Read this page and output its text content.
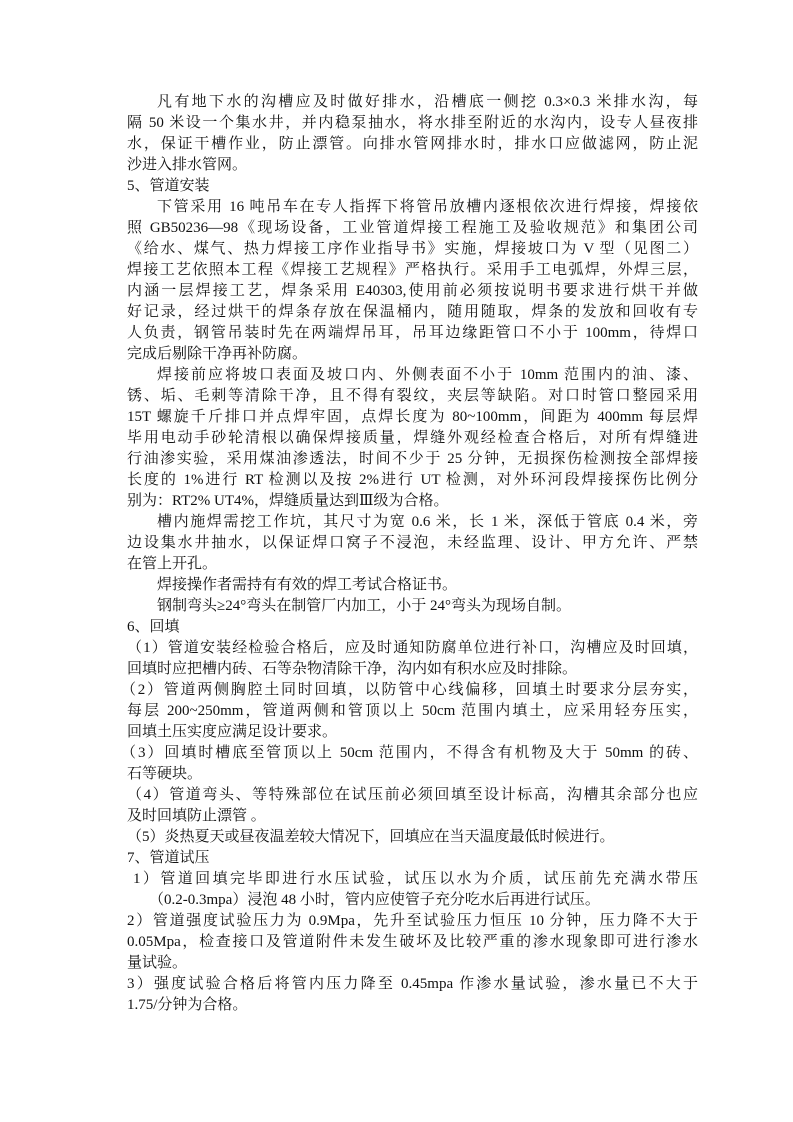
凡有地下水的沟槽应及时做好排水，沿槽底一侧挖 0.3×0.3 米排水沟，每
隔 50 米设一个集水井，并内稳泵抽水，将水排至附近的水沟内，设专人昼夜排
水，保证干槽作业，防止漂管。向排水管网排水时，排水口应做滤网，防止泥
沙进入排水管网。
5、管道安装
下管采用 16 吨吊车在专人指挥下将管吊放槽内逐根依次进行焊接，焊接依
照 GB50236—98《现场设备，工业管道焊接工程施工及验收规范》和集团公司
《给水、煤气、热力焊接工序作业指导书》实施，焊接坡口为 V 型（见图二）
焊接工艺依照本工程《焊接工艺规程》严格执行。采用手工电弧焊，外焊三层，
内涵一层焊接工艺，焊条采用 E40303,使用前必须按说明书要求进行烘干并做
好记录，经过烘干的焊条存放在保温桶内，随用随取，焊条的发放和回收有专
人负责，钢管吊装时先在两端焊吊耳，吊耳边缘距管口不小于 100mm，待焊口
完成后剔除干净再补防腐。
焊接前应将坡口表面及坡口内、外侧表面不小于 10mm 范围内的油、漆、
锈、垢、毛刺等清除干净，且不得有裂纹，夹层等缺陷。对口时管口整园采用
15T 螺旋千斤排口并点焊牢固，点焊长度为 80~100mm，间距为 400mm 每层焊
毕用电动手砂轮清根以确保焊接质量，焊缝外观经检查合格后，对所有焊缝进
行油渗实验，采用煤油渗透法，时间不少于 25 分钟，无损探伤检测按全部焊接
长度的 1%进行 RT 检测以及按 2%进行 UT 检测，对外环河段焊接探伤比例分
别为：RT2% UT4%，焊缝质量达到Ⅲ级为合格。
槽内施焊需挖工作坑，其尺寸为宽 0.6 米，长 1 米，深低于管底 0.4 米，旁
边设集水井抽水，以保证焊口窝子不浸泡，未经监理、设计、甲方允许、严禁
在管上开孔。
焊接操作者需持有有效的焊工考试合格证书。
钢制弯头≥24°弯头在制管厂内加工，小于 24°弯头为现场自制。
6、回填
（1）管道安装经检验合格后，应及时通知防腐单位进行补口，沟槽应及时回填，
回填时应把槽内砖、石等杂物清除干净，沟内如有积水应及时排除。
（2）管道两侧胸腔土同时回填，以防管中心线偏移，回填土时要求分层夯实，
每层 200~250mm，管道两侧和管顶以上 50cm 范围内填土，应采用轻夯压实，
回填土压实度应满足设计要求。
（3）回填时槽底至管顶以上 50cm 范围内，不得含有机物及大于 50mm 的砖、
石等硬块。
（4）管道弯头、等特殊部位在试压前必须回填至设计标高，沟槽其余部分也应
及时回填防止漂管 。
（5）炎热夏天或昼夜温差较大情况下，回填应在当天温度最低时候进行。
7、管道试压
1）管道回填完毕即进行水压试验，试压以水为介质，试压前先充满水带压
（0.2-0.3mpa）浸泡 48 小时，管内应使管子充分吃水后再进行试压。
2）管道强度试验压力为 0.9Mpa，先升至试验压力恒压 10 分钟，压力降不大于
0.05Mpa，检查接口及管道附件未发生破坏及比较严重的渗水现象即可进行渗水
量试验。
3）强度试验合格后将管内压力降至 0.45mpa 作渗水量试验，渗水量已不大于
1.75/分钟为合格。
